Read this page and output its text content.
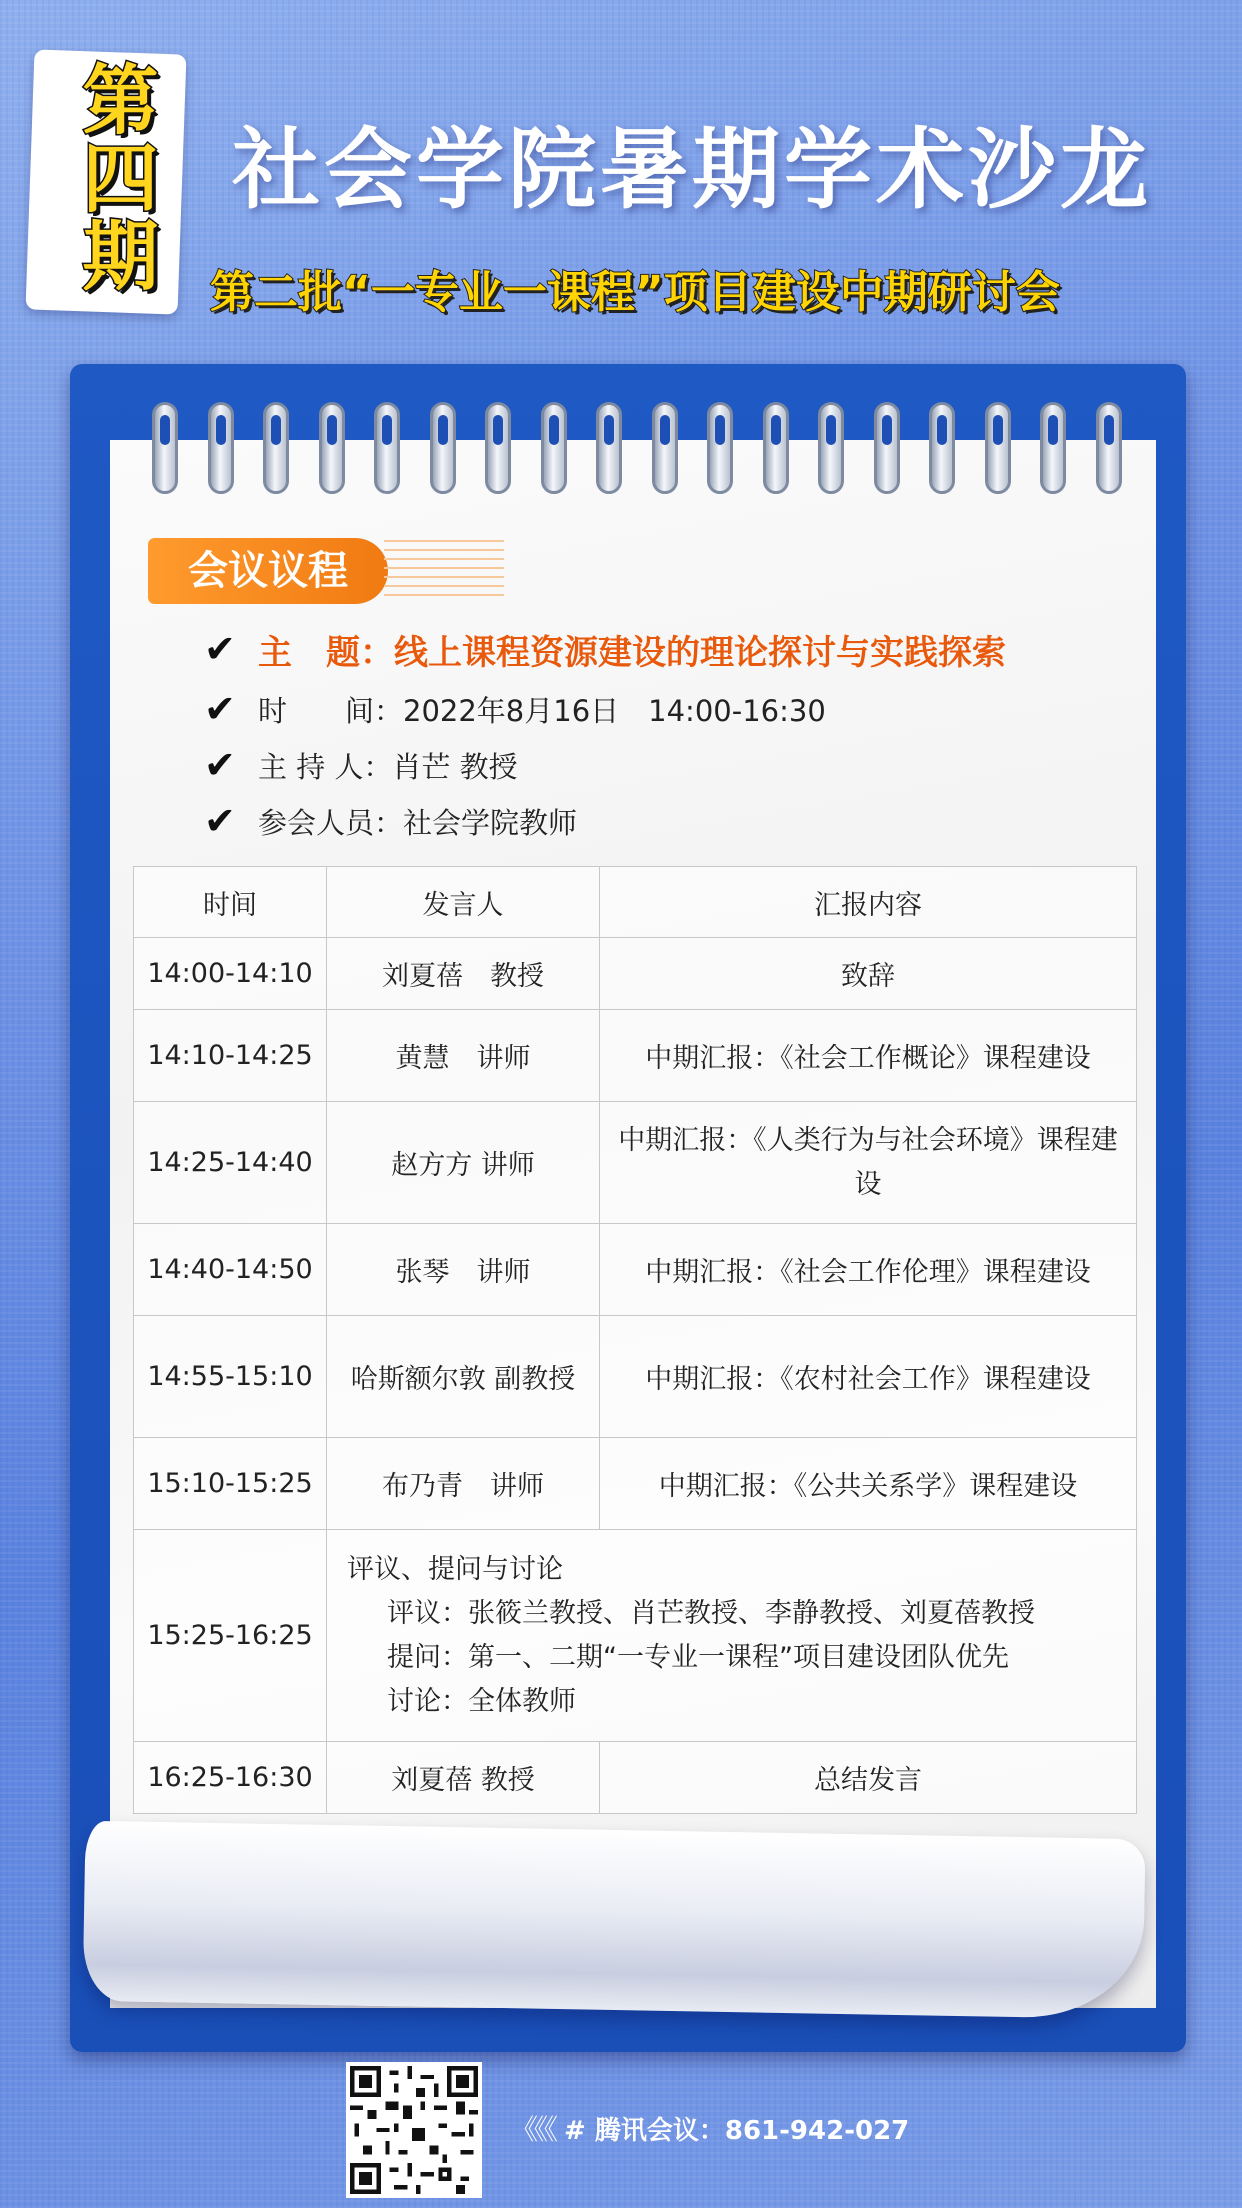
第四期 社会学院暑期学术沙龙
第二批“一专业一课程”项目建设中期研讨会
会议议程
✔ 主　题：线上课程资源建设的理论探讨与实践探索
✔ 时　　间：2022年8月16日　14:00-16:30
✔ 主 持 人：肖芒 教授
✔ 参会人员：社会学院教师
时间	发言人	汇报内容
14:00-14:10	刘夏蓓　教授	致辞
14:10-14:25	黄慧　讲师	中期汇报：《社会工作概论》课程建设
14:25-14:40	赵方方 讲师	中期汇报：《人类行为与社会环境》课程建设
14:40-14:50	张琴　讲师	中期汇报：《社会工作伦理》课程建设
14:55-15:10	哈斯额尔敦 副教授	中期汇报：《农村社会工作》课程建设
15:10-15:25	布乃青　讲师	中期汇报：《公共关系学》课程建设
15:25-16:25	评议、提问与讨论
评议：张筱兰教授、肖芒教授、李静教授、刘夏蓓教授
提问：第一、二期“一专业一课程”项目建设团队优先
讨论：全体教师	

16:25-16:30	刘夏蓓 教授	总结发言
《《《 # 腾讯会议：861-942-027
